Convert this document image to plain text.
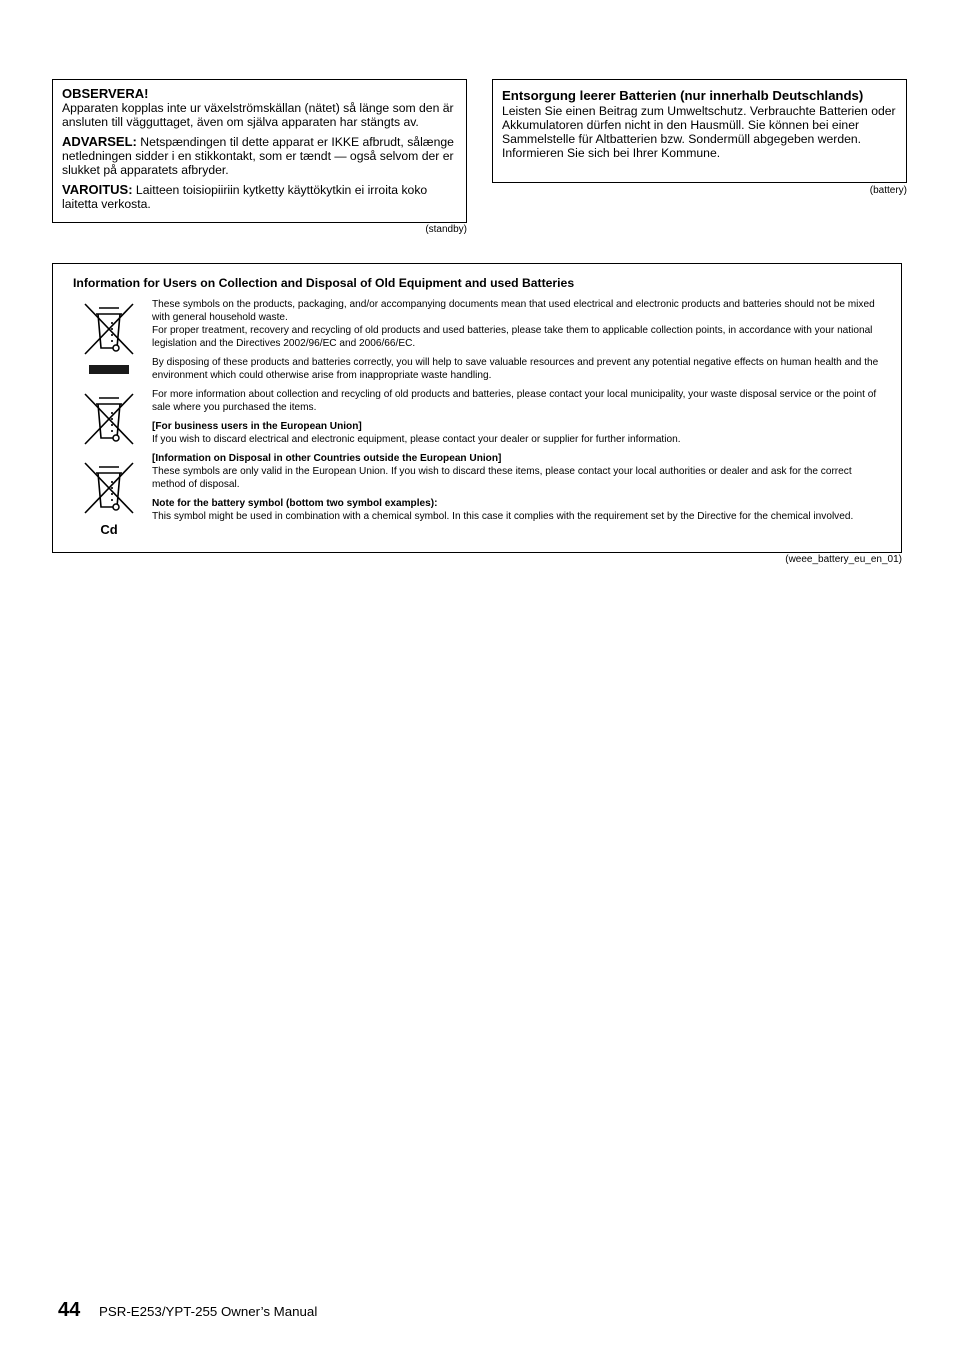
OBSERVERA!

Apparaten kopplas inte ur växelströmskällan (nätet) så länge som den är ansluten till vägguttaget, även om själva apparaten har stängts av.

ADVARSEL: Netspændingen til dette apparat er IKKE afbrudt, sålænge netledningen sidder i en stikkontakt, som er tændt — også selvom der er slukket på apparatets afbryder.
VAROITUS: Laitteen toisiopiiriin kytketty käyttökytkin ei irroita koko laitetta verkosta.
(standby)
Entsorgung leerer Batterien (nur innerhalb Deutschlands)
Leisten Sie einen Beitrag zum Umweltschutz. Verbrauchte Batterien oder Akkumulatoren dürfen nicht in den Hausmüll. Sie können bei einer Sammelstelle für Altbatterien bzw. Sondermüll abgegeben werden. Informieren Sie sich bei Ihrer Kommune.
(battery)
Information for Users on Collection and Disposal of Old Equipment and used Batteries
Cd

These symbols on the products, packaging, and/or accompanying documents mean that used electrical and electronic products and batteries should not be mixed with general household waste.
For proper treatment, recovery and recycling of old products and used batteries, please take them to applicable collection points, in accordance with your national legislation and the Directives 2002/96/EC and 2006/66/EC.

By disposing of these products and batteries correctly, you will help to save valuable resources and prevent any potential negative effects on human health and the environment which could otherwise arise from inappropriate waste handling.

For more information about collection and recycling of old products and batteries, please contact your local municipality, your waste disposal service or the point of sale where you purchased the items.

[For business users in the European Union]
If you wish to discard electrical and electronic equipment, please contact your dealer or supplier for further information.

[Information on Disposal in other Countries outside the European Union]
These symbols are only valid in the European Union. If you wish to discard these items, please contact your local authorities or dealer and ask for the correct method of disposal.

Note for the battery symbol (bottom two symbol examples):
This symbol might be used in combination with a chemical symbol. In this case it complies with the requirement set by the Directive for the chemical involved.

(weee_battery_eu_en_01)
44 PSR-E253/YPT-255 Owner’s Manual
